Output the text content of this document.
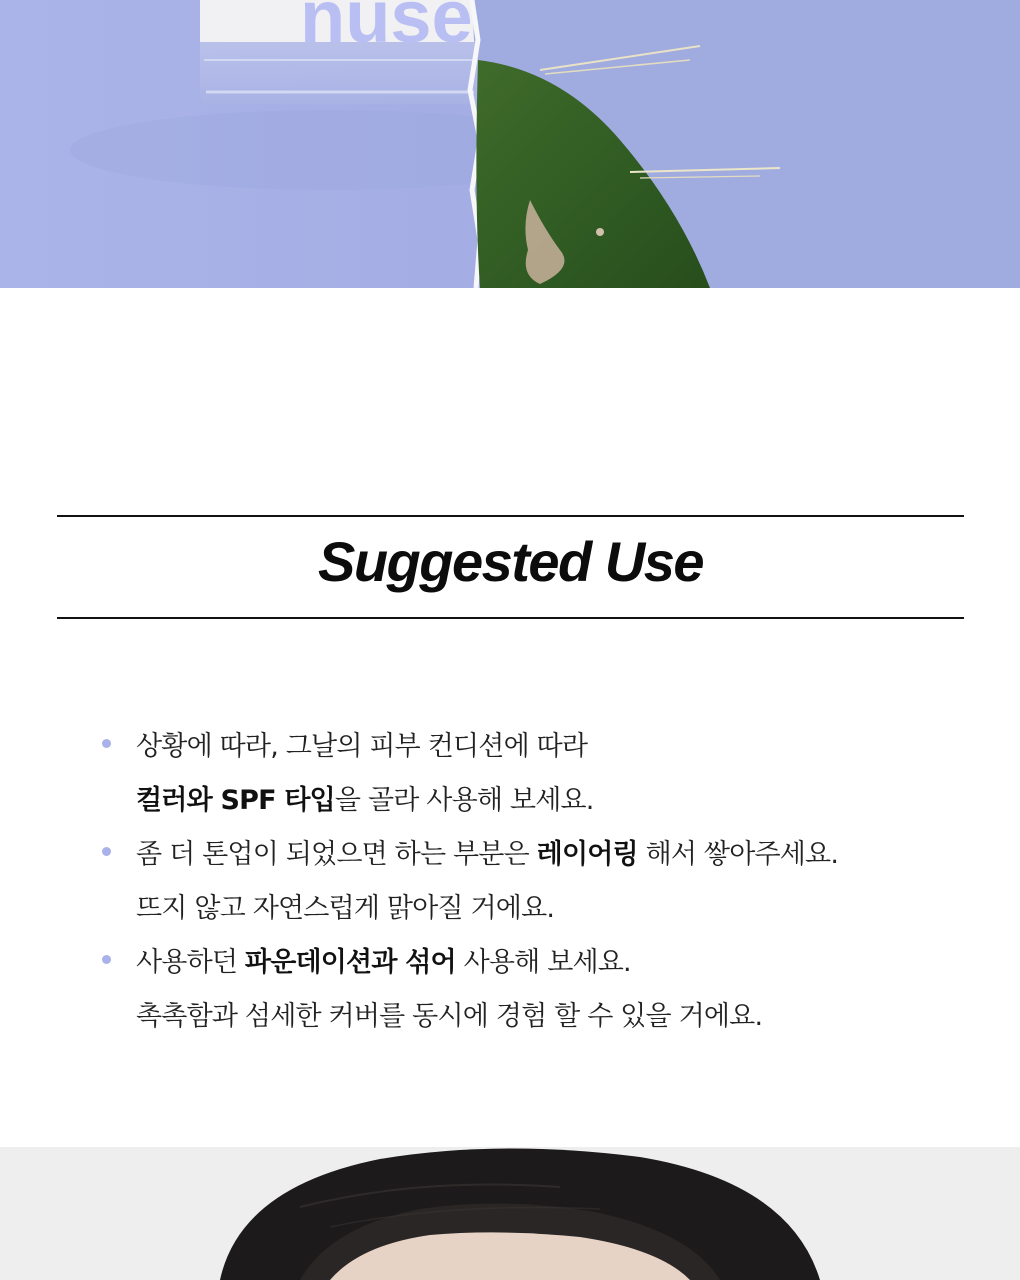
nuse
Suggested Use
상황에 따라, 그날의 피부 컨디션에 따라
컬러와 SPF 타입을 골라 사용해 보세요.
좀 더 톤업이 되었으면 하는 부분은 레이어링 해서 쌓아주세요.
뜨지 않고 자연스럽게 맑아질 거에요.
사용하던 파운데이션과 섞어 사용해 보세요.
촉촉함과 섬세한 커버를 동시에 경험 할 수 있을 거에요.
